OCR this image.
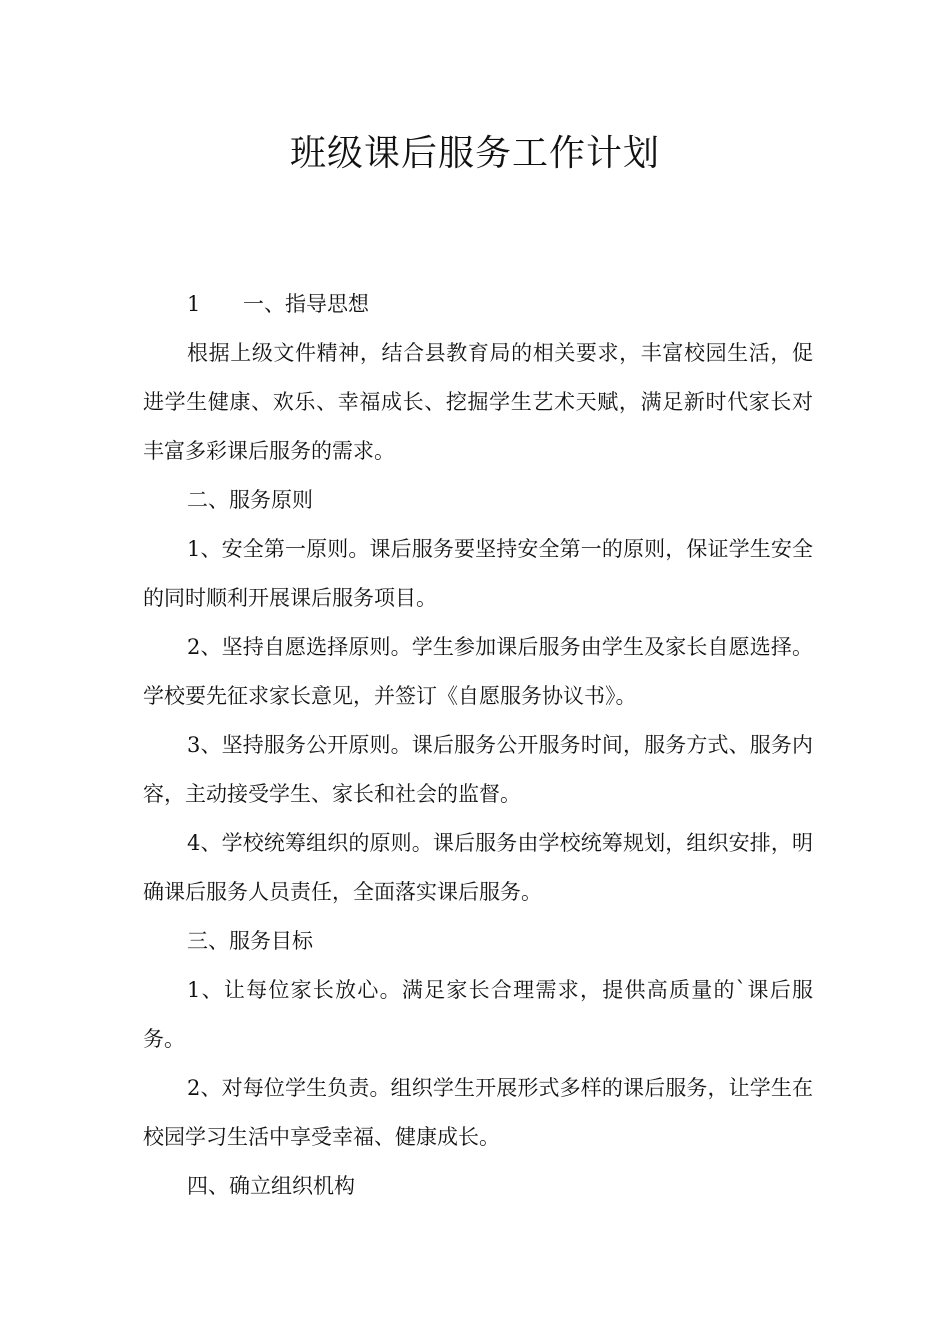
班级课后服务工作计划

1 一、指导思想

根据上级文件精神，结合县教育局的相关要求，丰富校园生活，促进学生健康、欢乐、幸福成长、挖掘学生艺术天赋，满足新时代家长对丰富多彩课后服务的需求。

二、服务原则

1、安全第一原则。课后服务要坚持安全第一的原则，保证学生安全的同时顺利开展课后服务项目。

2、坚持自愿选择原则。学生参加课后服务由学生及家长自愿选择。学校要先征求家长意见，并签订《自愿服务协议书》。

3、坚持服务公开原则。课后服务公开服务时间，服务方式、服务内容，主动接受学生、家长和社会的监督。

4、学校统筹组织的原则。课后服务由学校统筹规划，组织安排，明确课后服务人员责任，全面落实课后服务。

三、服务目标

1、让每位家长放心。满足家长合理需求，提供高质量的`课后服务。

2、对每位学生负责。组织学生开展形式多样的课后服务，让学生在校园学习生活中享受幸福、健康成长。

四、确立组织机构
